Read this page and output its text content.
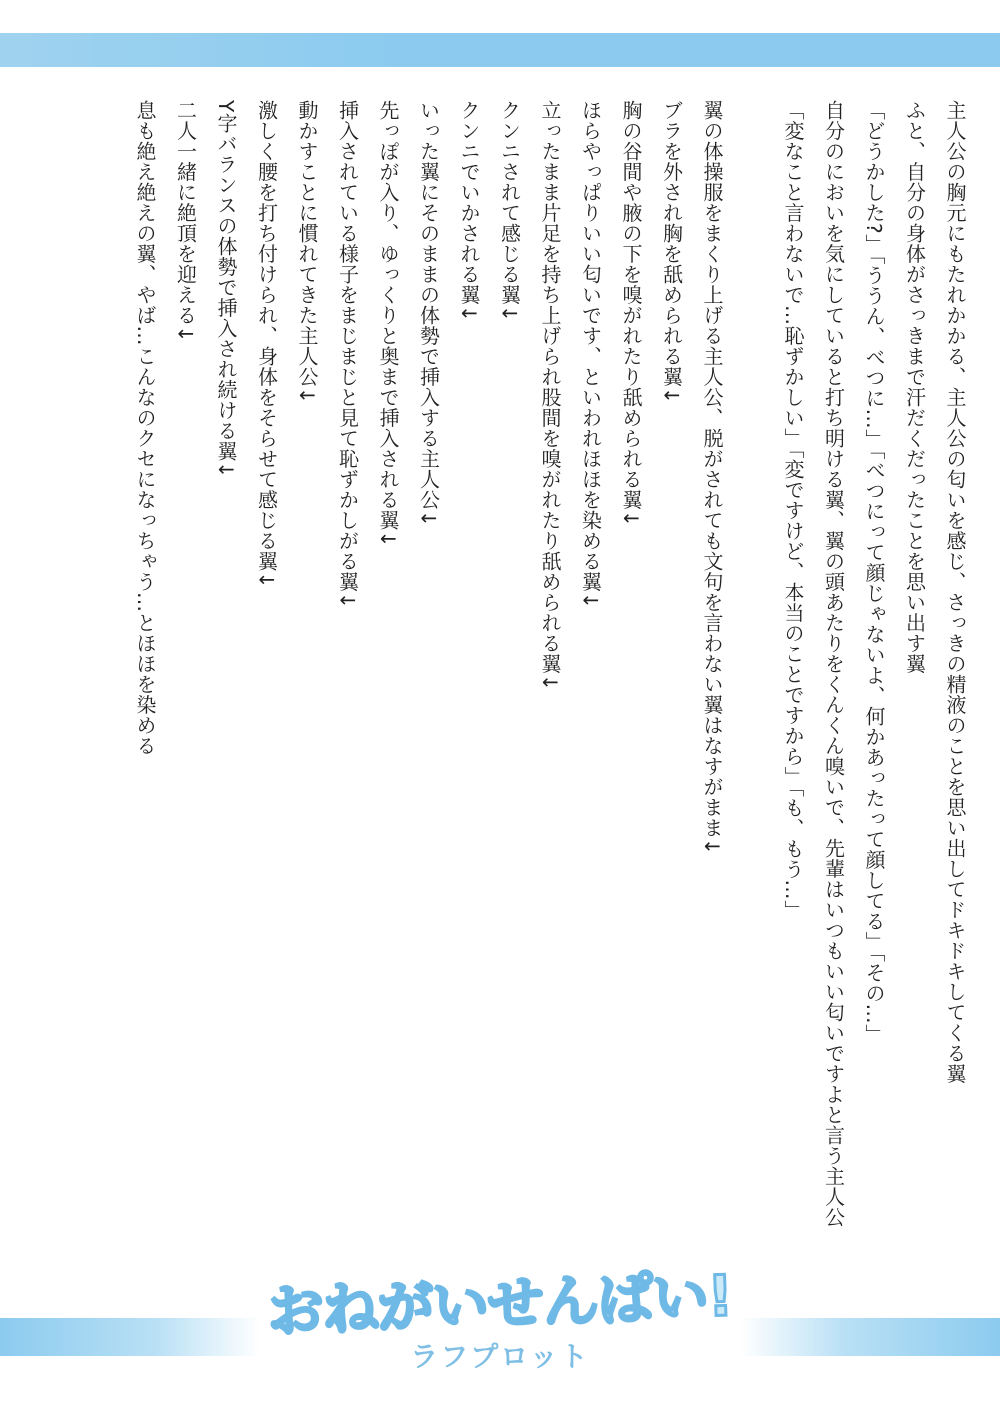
主人公の胸元にもたれかかる、主人公の匂いを感じ、さっきの精液のことを思い出してドキドキしてくる翼
ふと、自分の身体がさっきまで汗だくだったことを思い出す翼
「どうかした?」「ううん、べつに…」「べつにって顔じゃないよ、何かあったって顔してる」「その…」
自分のにおいを気にしていると打ち明ける翼、翼の頭あたりをくんくん嗅いで、先輩はいつもいい匂いですよと言う主人公
「変なこと言わないで…恥ずかしい」「変ですけど、本当のことですから」「も、もう…」
翼の体操服をまくり上げる主人公、脱がされても文句を言わない翼はなすがまま↓
ブラを外され胸を舐められる翼↓
胸の谷間や腋の下を嗅がれたり舐められる翼↓
ほらやっぱりいい匂いです、といわれほほを染める翼↓
立ったまま片足を持ち上げられ股間を嗅がれたり舐められる翼↓
クンニされて感じる翼↓
クンニでいかされる翼↓
いった翼にそのままの体勢で挿入する主人公↓
先っぽが入り、ゆっくりと奥まで挿入される翼↓
挿入されている様子をまじまじと見て恥ずかしがる翼↓
動かすことに慣れてきた主人公↓
激しく腰を打ち付けられ、身体をそらせて感じる翼↓
Y字バランスの体勢で挿入され続ける翼↓
二人一緒に絶頂を迎える↓
息も絶え絶えの翼、やば…こんなのクセになっちゃう…とほほを染める
おねがいせんぱい!
ラフプロット
